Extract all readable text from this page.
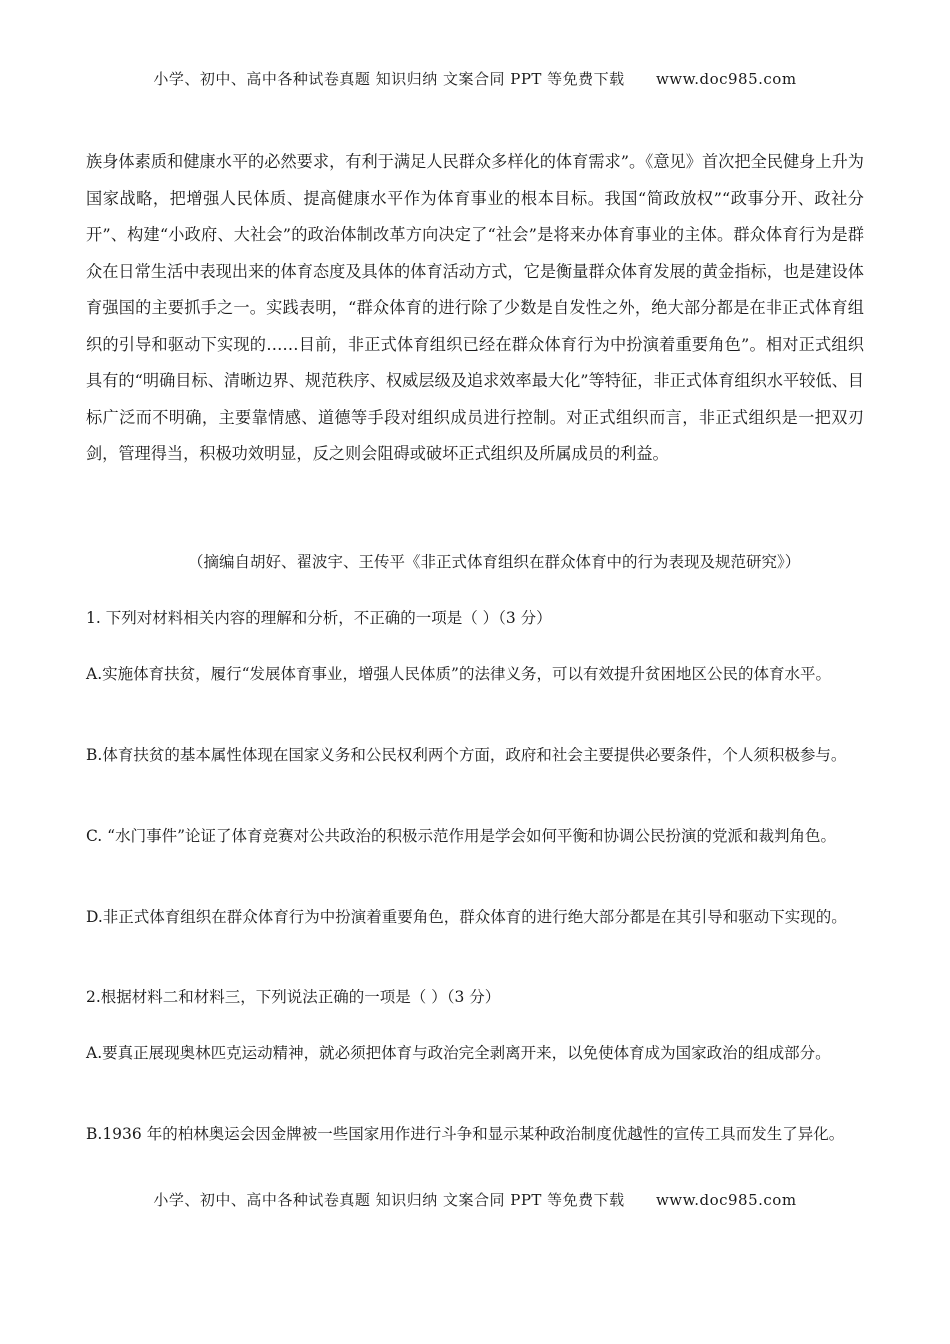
小学、初中、高中各种试卷真题 知识归纳 文案合同 PPT 等免费下载 www.doc985.com

族身体素质和健康水平的必然要求，有利于满足人民群众多样化的体育需求”。《意见》首次把全民健身上升为国家战略，把增强人民体质、提高健康水平作为体育事业的根本目标。我国“简政放权”“政事分开、政社分开”、构建“小政府、大社会”的政治体制改革方向决定了“社会”是将来办体育事业的主体。群众体育行为是群众在日常生活中表现出来的体育态度及具体的体育活动方式，它是衡量群众体育发展的黄金指标，也是建设体育强国的主要抓手之一。实践表明，“群众体育的进行除了少数是自发性之外，绝大部分都是在非正式体育组织的引导和驱动下实现的……目前，非正式体育组织已经在群众体育行为中扮演着重要角色”。相对正式组织具有的“明确目标、清晰边界、规范秩序、权威层级及追求效率最大化”等特征，非正式体育组织水平较低、目标广泛而不明确，主要靠情感、道德等手段对组织成员进行控制。对正式组织而言，非正式组织是一把双刃剑，管理得当，积极功效明显，反之则会阻碍或破坏正式组织及所属成员的利益。

（摘编自胡好、翟波宇、王传平《非正式体育组织在群众体育中的行为表现及规范研究》）

1. 下列对材料相关内容的理解和分析，不正确的一项是（ ）（3 分）

A.实施体育扶贫，履行“发展体育事业，增强人民体质”的法律义务，可以有效提升贫困地区公民的体育水平。

B.体育扶贫的基本属性体现在国家义务和公民权利两个方面，政府和社会主要提供必要条件，个人须积极参与。

C. “水门事件”论证了体育竞赛对公共政治的积极示范作用是学会如何平衡和协调公民扮演的党派和裁判角色。

D.非正式体育组织在群众体育行为中扮演着重要角色，群众体育的进行绝大部分都是在其引导和驱动下实现的。

2.根据材料二和材料三，下列说法正确的一项是（ ）（3 分）

A.要真正展现奥林匹克运动精神，就必须把体育与政治完全剥离开来，以免使体育成为国家政治的组成部分。

B.1936 年的柏林奥运会因金牌被一些国家用作进行斗争和显示某种政治制度优越性的宣传工具而发生了异化。

小学、初中、高中各种试卷真题 知识归纳 文案合同 PPT 等免费下载 www.doc985.com
